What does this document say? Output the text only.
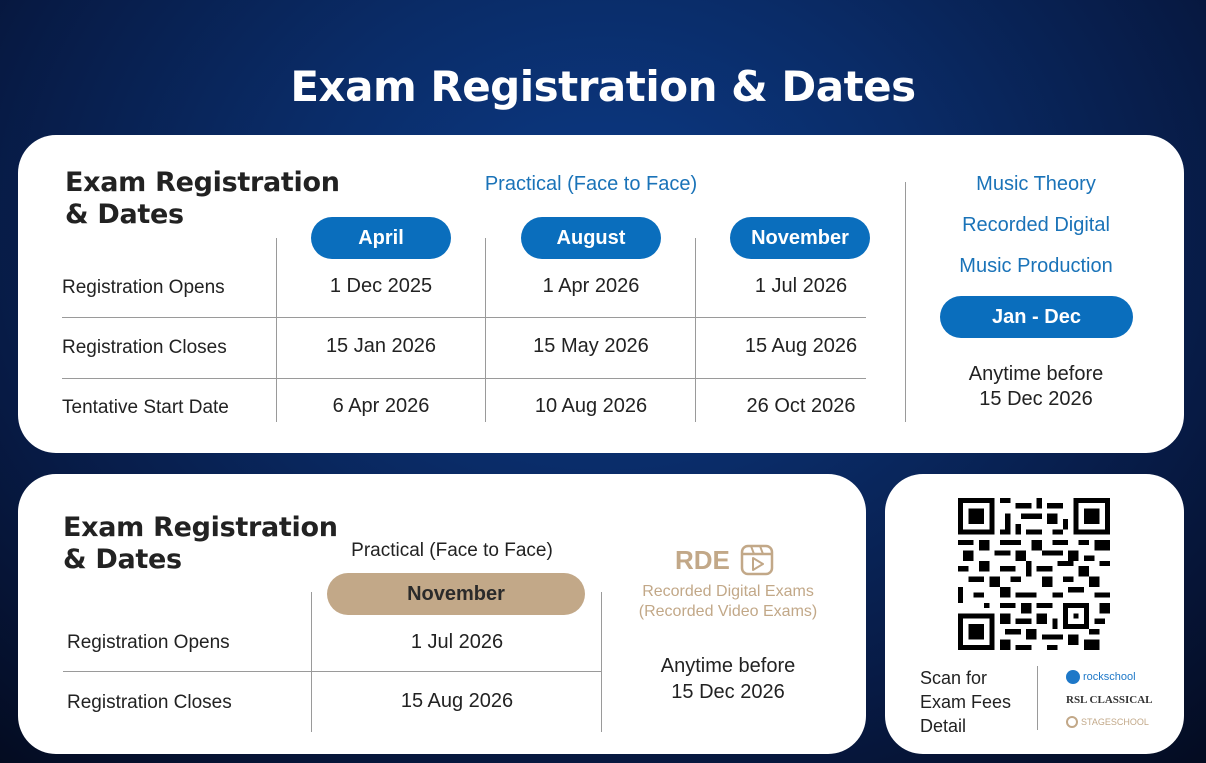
Exam Registration & Dates
Exam Registration
& Dates
Practical (Face to Face)
April	August	November
Registration Opens	1 Dec 2025	1 Apr 2026	1 Jul 2026
Registration Closes	15 Jan 2026	15 May 2026	15 Aug 2026
Tentative Start Date	6 Apr 2026	10 Aug 2026	26 Oct 2026
Music Theory
Recorded Digital
Music Production
Jan - Dec
Anytime before
15 Dec 2026
Exam Registration
& Dates	Practical (Face to Face)
November
Registration Opens	1 Jul 2026
Registration Closes	15 Aug 2026
RDE
Recorded Digital Exams
(Recorded Video Exams)
Anytime before
15 Dec 2026
Scan for
Exam Fees
Detail
rockschool
RSL CLASSICAL
STAGESCHOOL
